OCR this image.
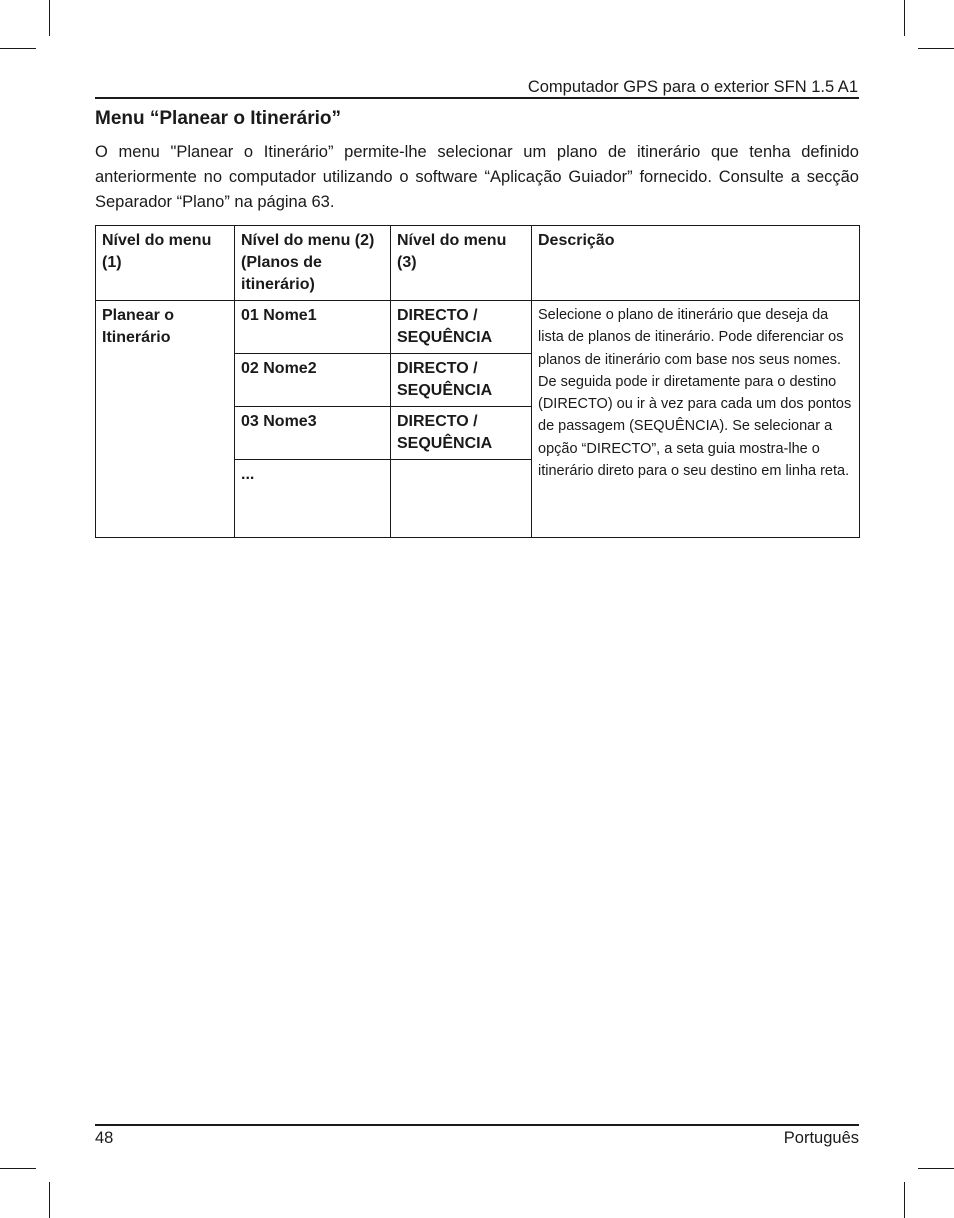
Computador GPS para o exterior SFN 1.5 A1
Menu “Planear o Itinerário”

O menu "Planear o Itinerário” permite-lhe selecionar um plano de itinerário que tenha definido anteriormente no computador utilizando o software “Aplicação Guiador” fornecido. Consulte a secção Separador “Plano” na página 63.

Nível do menu (1)	Nível do menu (2) (Planos de itinerário)	Nível do menu (3)	Descrição
Planear o Itinerário	01 Nome1	DIRECTO / SEQUÊNCIA	Selecione o plano de itinerário que deseja da lista de planos de itinerário. Pode diferenciar os planos de itinerário com base nos seus nomes. De seguida pode ir diretamente para o destino (DIRECTO) ou ir à vez para cada um dos pontos de passagem (SEQUÊNCIA). Se selecionar a opção “DIRECTO”, a seta guia mostra-lhe o itinerário direto para o seu destino em linha reta.
	02 Nome2	DIRECTO / SEQUÊNCIA	
	03 Nome3	DIRECTO / SEQUÊNCIA	
	...		
48	Português
